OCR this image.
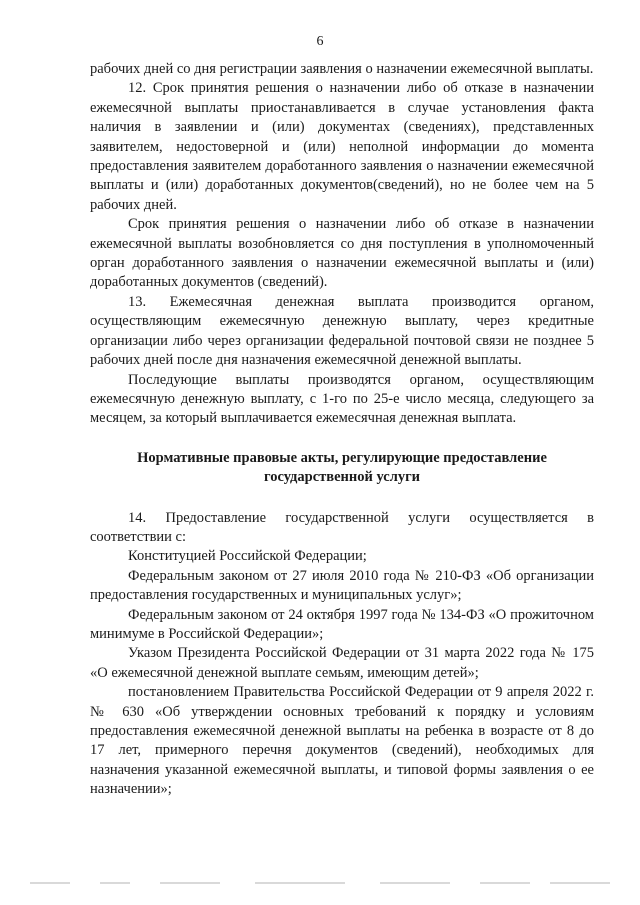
6

рабочих дней со дня регистрации заявления о назначении ежемесячной выплаты.

12. Срок принятия решения о назначении либо об отказе в назначении ежемесячной выплаты приостанавливается в случае установления факта наличия в заявлении и (или) документах (сведениях), представленных заявителем, недостоверной и (или) неполной информации до момента предоставления заявителем доработанного заявления о назначении ежемесячной выплаты и (или) доработанных документов(сведений), но не более чем на 5 рабочих дней.

Срок принятия решения о назначении либо об отказе в назначении ежемесячной выплаты возобновляется со дня поступления в уполномоченный орган доработанного заявления о назначении ежемесячной выплаты и (или) доработанных документов (сведений).

13. Ежемесячная денежная выплата производится органом, осуществляющим ежемесячную денежную выплату, через кредитные организации либо через организации федеральной почтовой связи не позднее 5 рабочих дней после дня назначения ежемесячной денежной выплаты.

Последующие выплаты производятся органом, осуществляющим ежемесячную денежную выплату, с 1-го по 25-е число месяца, следующего за месяцем, за который выплачивается ежемесячная денежная выплата.

Нормативные правовые акты, регулирующие предоставление
государственной услуги

14. Предоставление государственной услуги осуществляется в соответствии с:

Конституцией Российской Федерации;

Федеральным законом от 27 июля 2010 года № 210-ФЗ «Об организации предоставления государственных и муниципальных услуг»;

Федеральным законом от 24 октября 1997 года № 134-ФЗ «О прожиточном минимуме в Российской Федерации»;

Указом Президента Российской Федерации от 31 марта 2022 года № 175 «О ежемесячной денежной выплате семьям, имеющим детей»;

постановлением Правительства Российской Федерации от 9 апреля 2022 г. № 630 «Об утверждении основных требований к порядку и условиям предоставления ежемесячной денежной выплаты на ребенка в возрасте от 8 до 17 лет, примерного перечня документов (сведений), необходимых для назначения указанной ежемесячной выплаты, и типовой формы заявления о ее назначении»;
